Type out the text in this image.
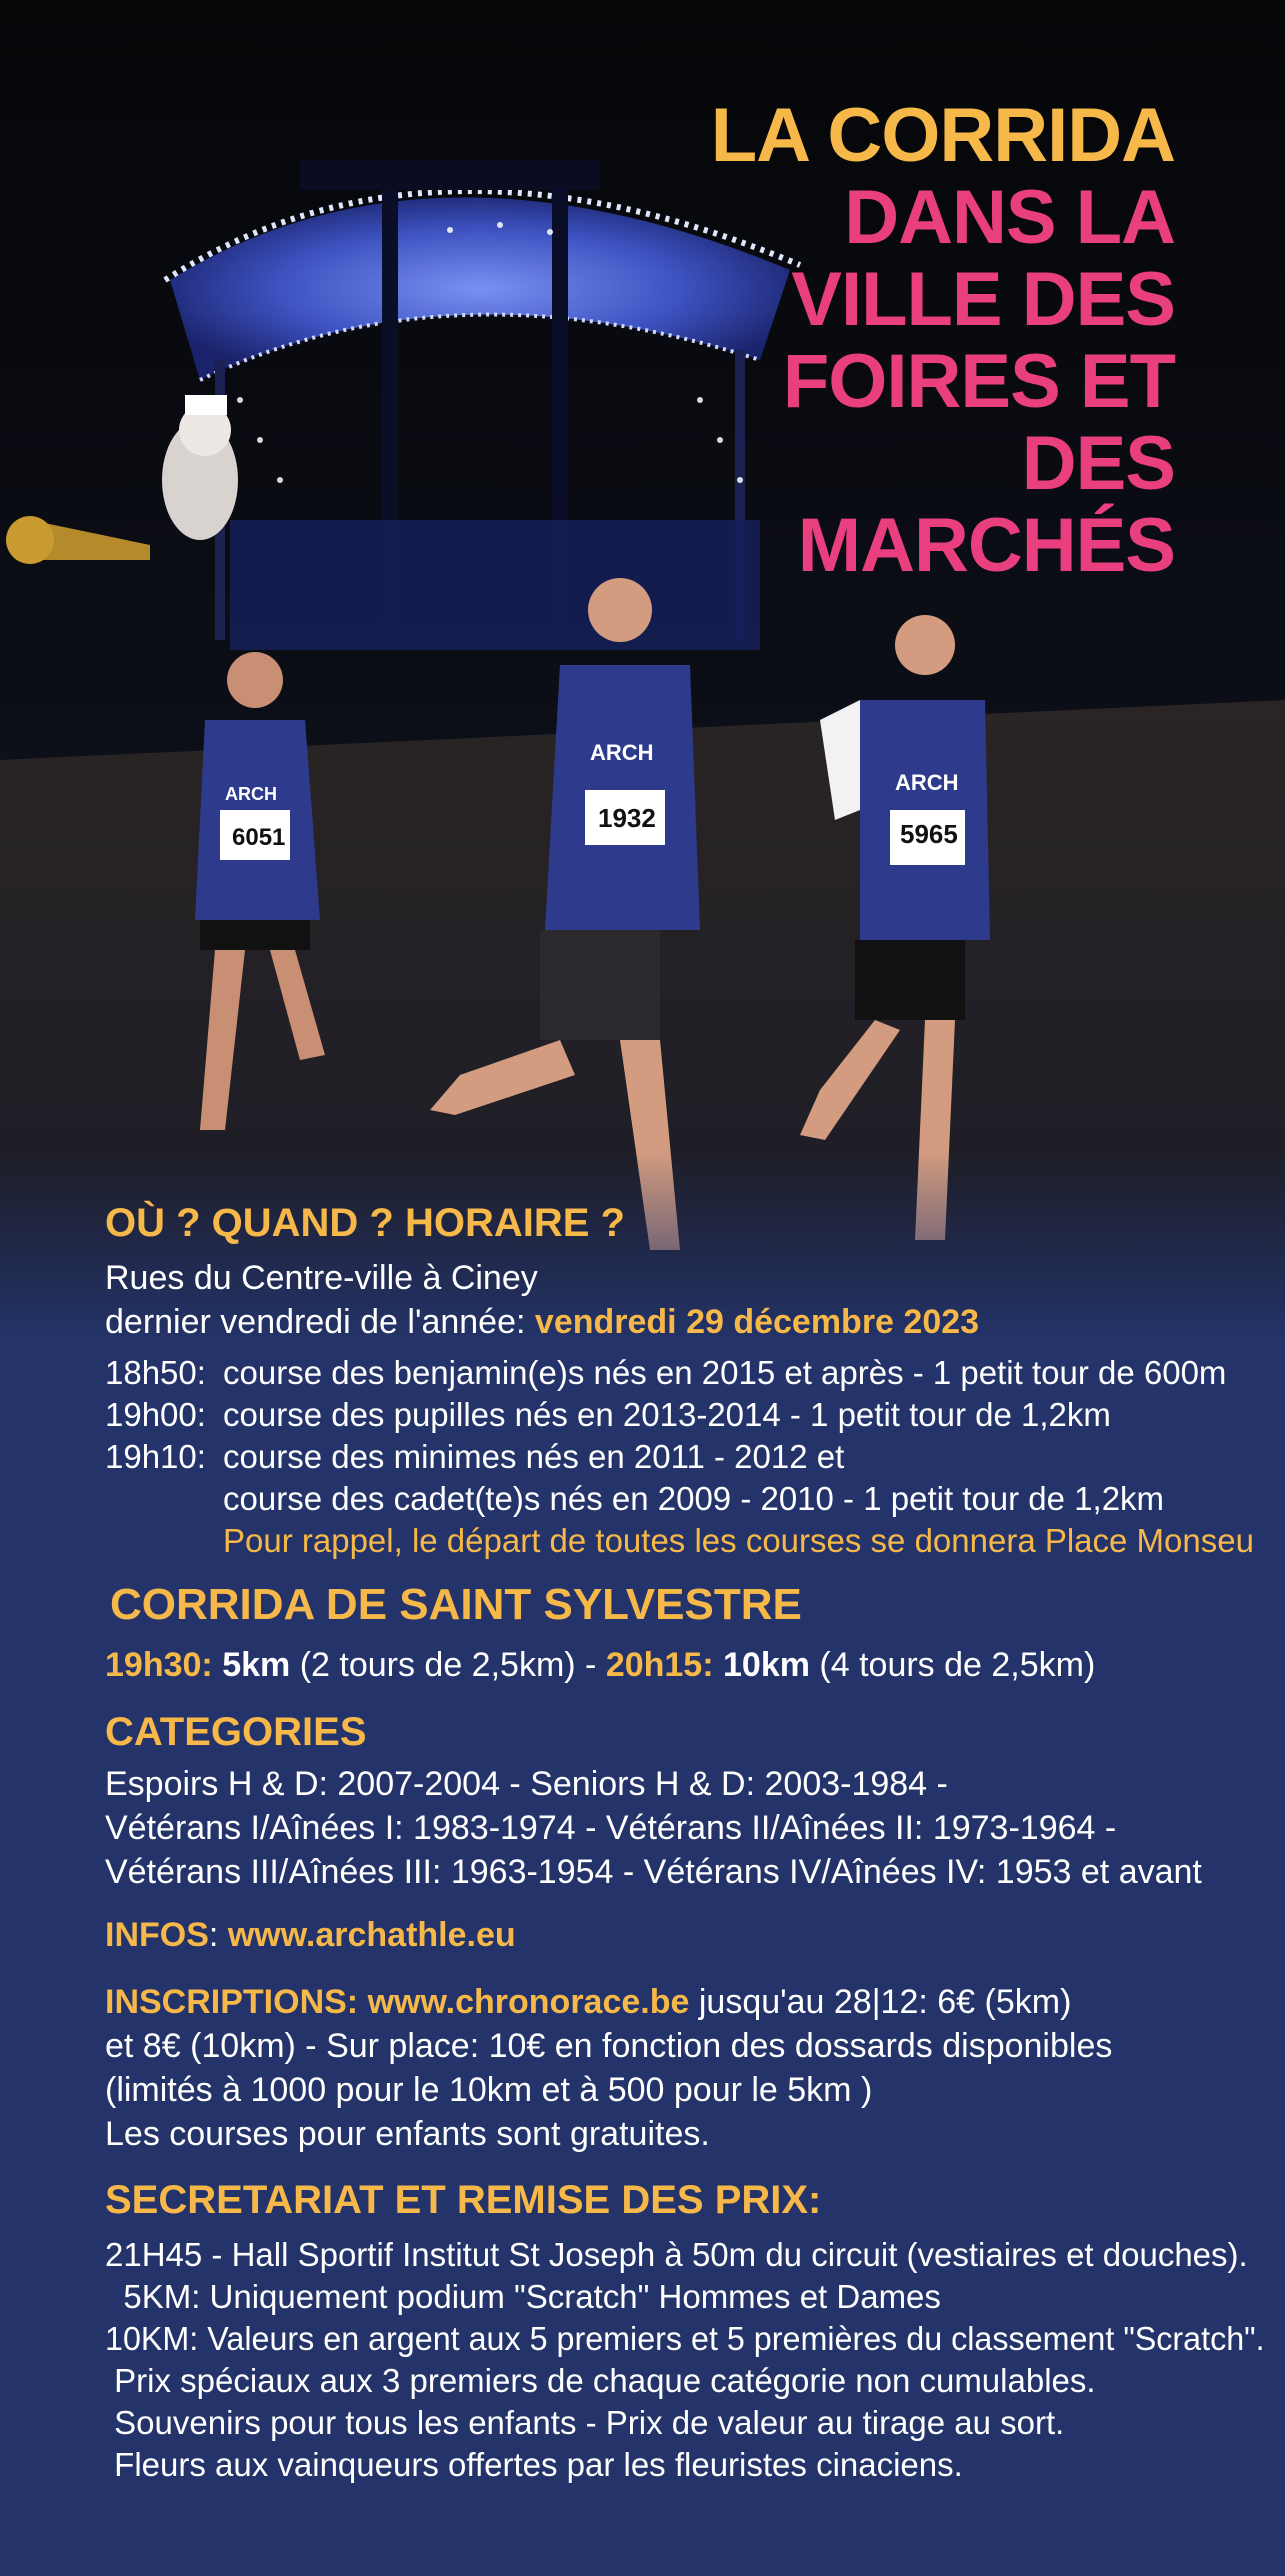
6051
1932
5965
ARCH
ARCH
ARCH
LA CORRIDA
DANS LA
VILLE DES
FOIRES ET
DES
MARCHÉS
OÙ ? QUAND ? HORAIRE ?
Rues du Centre-ville à Ciney
dernier vendredi de l'année: vendredi 29 décembre 2023
18h50: course des benjamin(e)s nés en 2015 et après - 1 petit tour de 600m
19h00: course des pupilles nés en 2013-2014 - 1 petit tour de 1,2km
19h10: course des minimes nés en 2011 - 2012 et
course des cadet(te)s nés en 2009 - 2010 - 1 petit tour de 1,2km
Pour rappel, le départ de toutes les courses se donnera Place Monseu
CORRIDA DE SAINT SYLVESTRE
19h30: 5km (2 tours de 2,5km) - 20h15: 10km (4 tours de 2,5km)
CATEGORIES
Espoirs H & D: 2007-2004 - Seniors H & D: 2003-1984 -
Vétérans I/Aînées I: 1983-1974 - Vétérans II/Aînées II: 1973-1964 -
Vétérans III/Aînées III: 1963-1954 - Vétérans IV/Aînées IV: 1953 et avant
INFOS: www.archathle.eu
INSCRIPTIONS: www.chronorace.be jusqu'au 28|12: 6€ (5km)
et 8€ (10km) - Sur place: 10€ en fonction des dossards disponibles
(limités à 1000 pour le 10km et à 500 pour le 5km )
Les courses pour enfants sont gratuites.
SECRETARIAT ET REMISE DES PRIX:
21H45 - Hall Sportif Institut St Joseph à 50m du circuit (vestiaires et douches).
5KM: Uniquement podium "Scratch" Hommes et Dames
10KM: Valeurs en argent aux 5 premiers et 5 premières du classement "Scratch".
Prix spéciaux aux 3 premiers de chaque catégorie non cumulables.
Souvenirs pour tous les enfants - Prix de valeur au tirage au sort.
Fleurs aux vainqueurs offertes par les fleuristes cinaciens.
